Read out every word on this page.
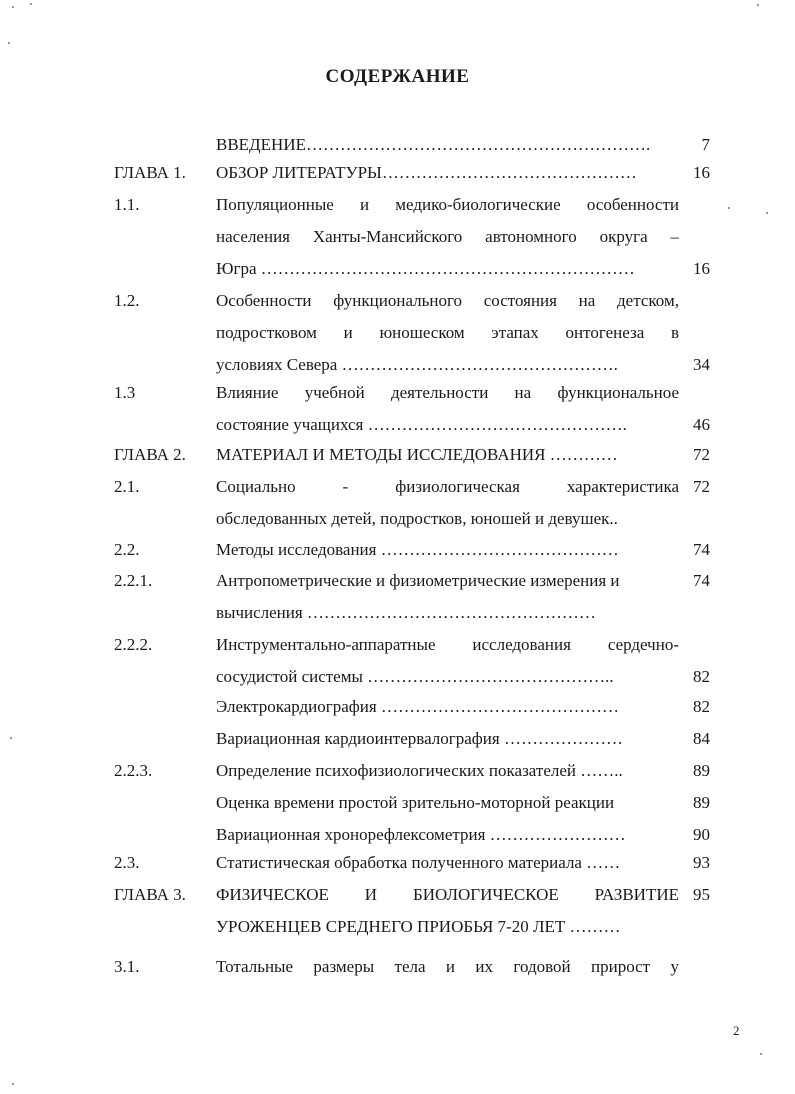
СОДЕРЖАНИЕ
ВВЕДЕНИЕ…………………………………………………….	7
ГЛАВА 1.	ОБЗОР ЛИТЕРАТУРЫ………………………………………	16
1.1.	Популяционные и медико-биологические особенности
населения Ханты-Мансийского автономного округа –
Югра …………………………………………………………	16
1.2.	Особенности функционального состояния на детском,
подростковом и юношеском этапах онтогенеза в
условиях Севера ………………………………………….	34
1.3	Влияние учебной деятельности на функциональное
состояние учащихся ……………………………………….	46
ГЛАВА 2.	МАТЕРИАЛ И МЕТОДЫ ИССЛЕДОВАНИЯ …………	72
2.1.	Социально - физиологическая характеристика 72
обследованных детей, подростков, юношей и девушек..
2.2.	Методы исследования ……………………………………	74
2.2.1.	Антропометрические и физиометрические измерения и	74
вычисления ……………………………………………
2.2.2.	Инструментально-аппаратные исследования сердечно-
сосудистой системы ……………………………………..	82
Электрокардиография ……………………………………	82
Вариационная кардиоинтервалография …………………	84
2.2.3.	Определение психофизиологических показателей ……..	89
Оценка времени простой зрительно-моторной реакции	89
Вариационная хронорефлексометрия ……………………	90
2.3.	Статистическая обработка полученного материала ……	93
ГЛАВА 3.	ФИЗИЧЕСКОЕ И БИОЛОГИЧЕСКОЕ РАЗВИТИЕ 95
УРОЖЕНЦЕВ СРЕДНЕГО ПРИОБЬЯ 7-20 ЛЕТ ………
3.1.	Тотальные размеры тела и их годовой прирост у
2
